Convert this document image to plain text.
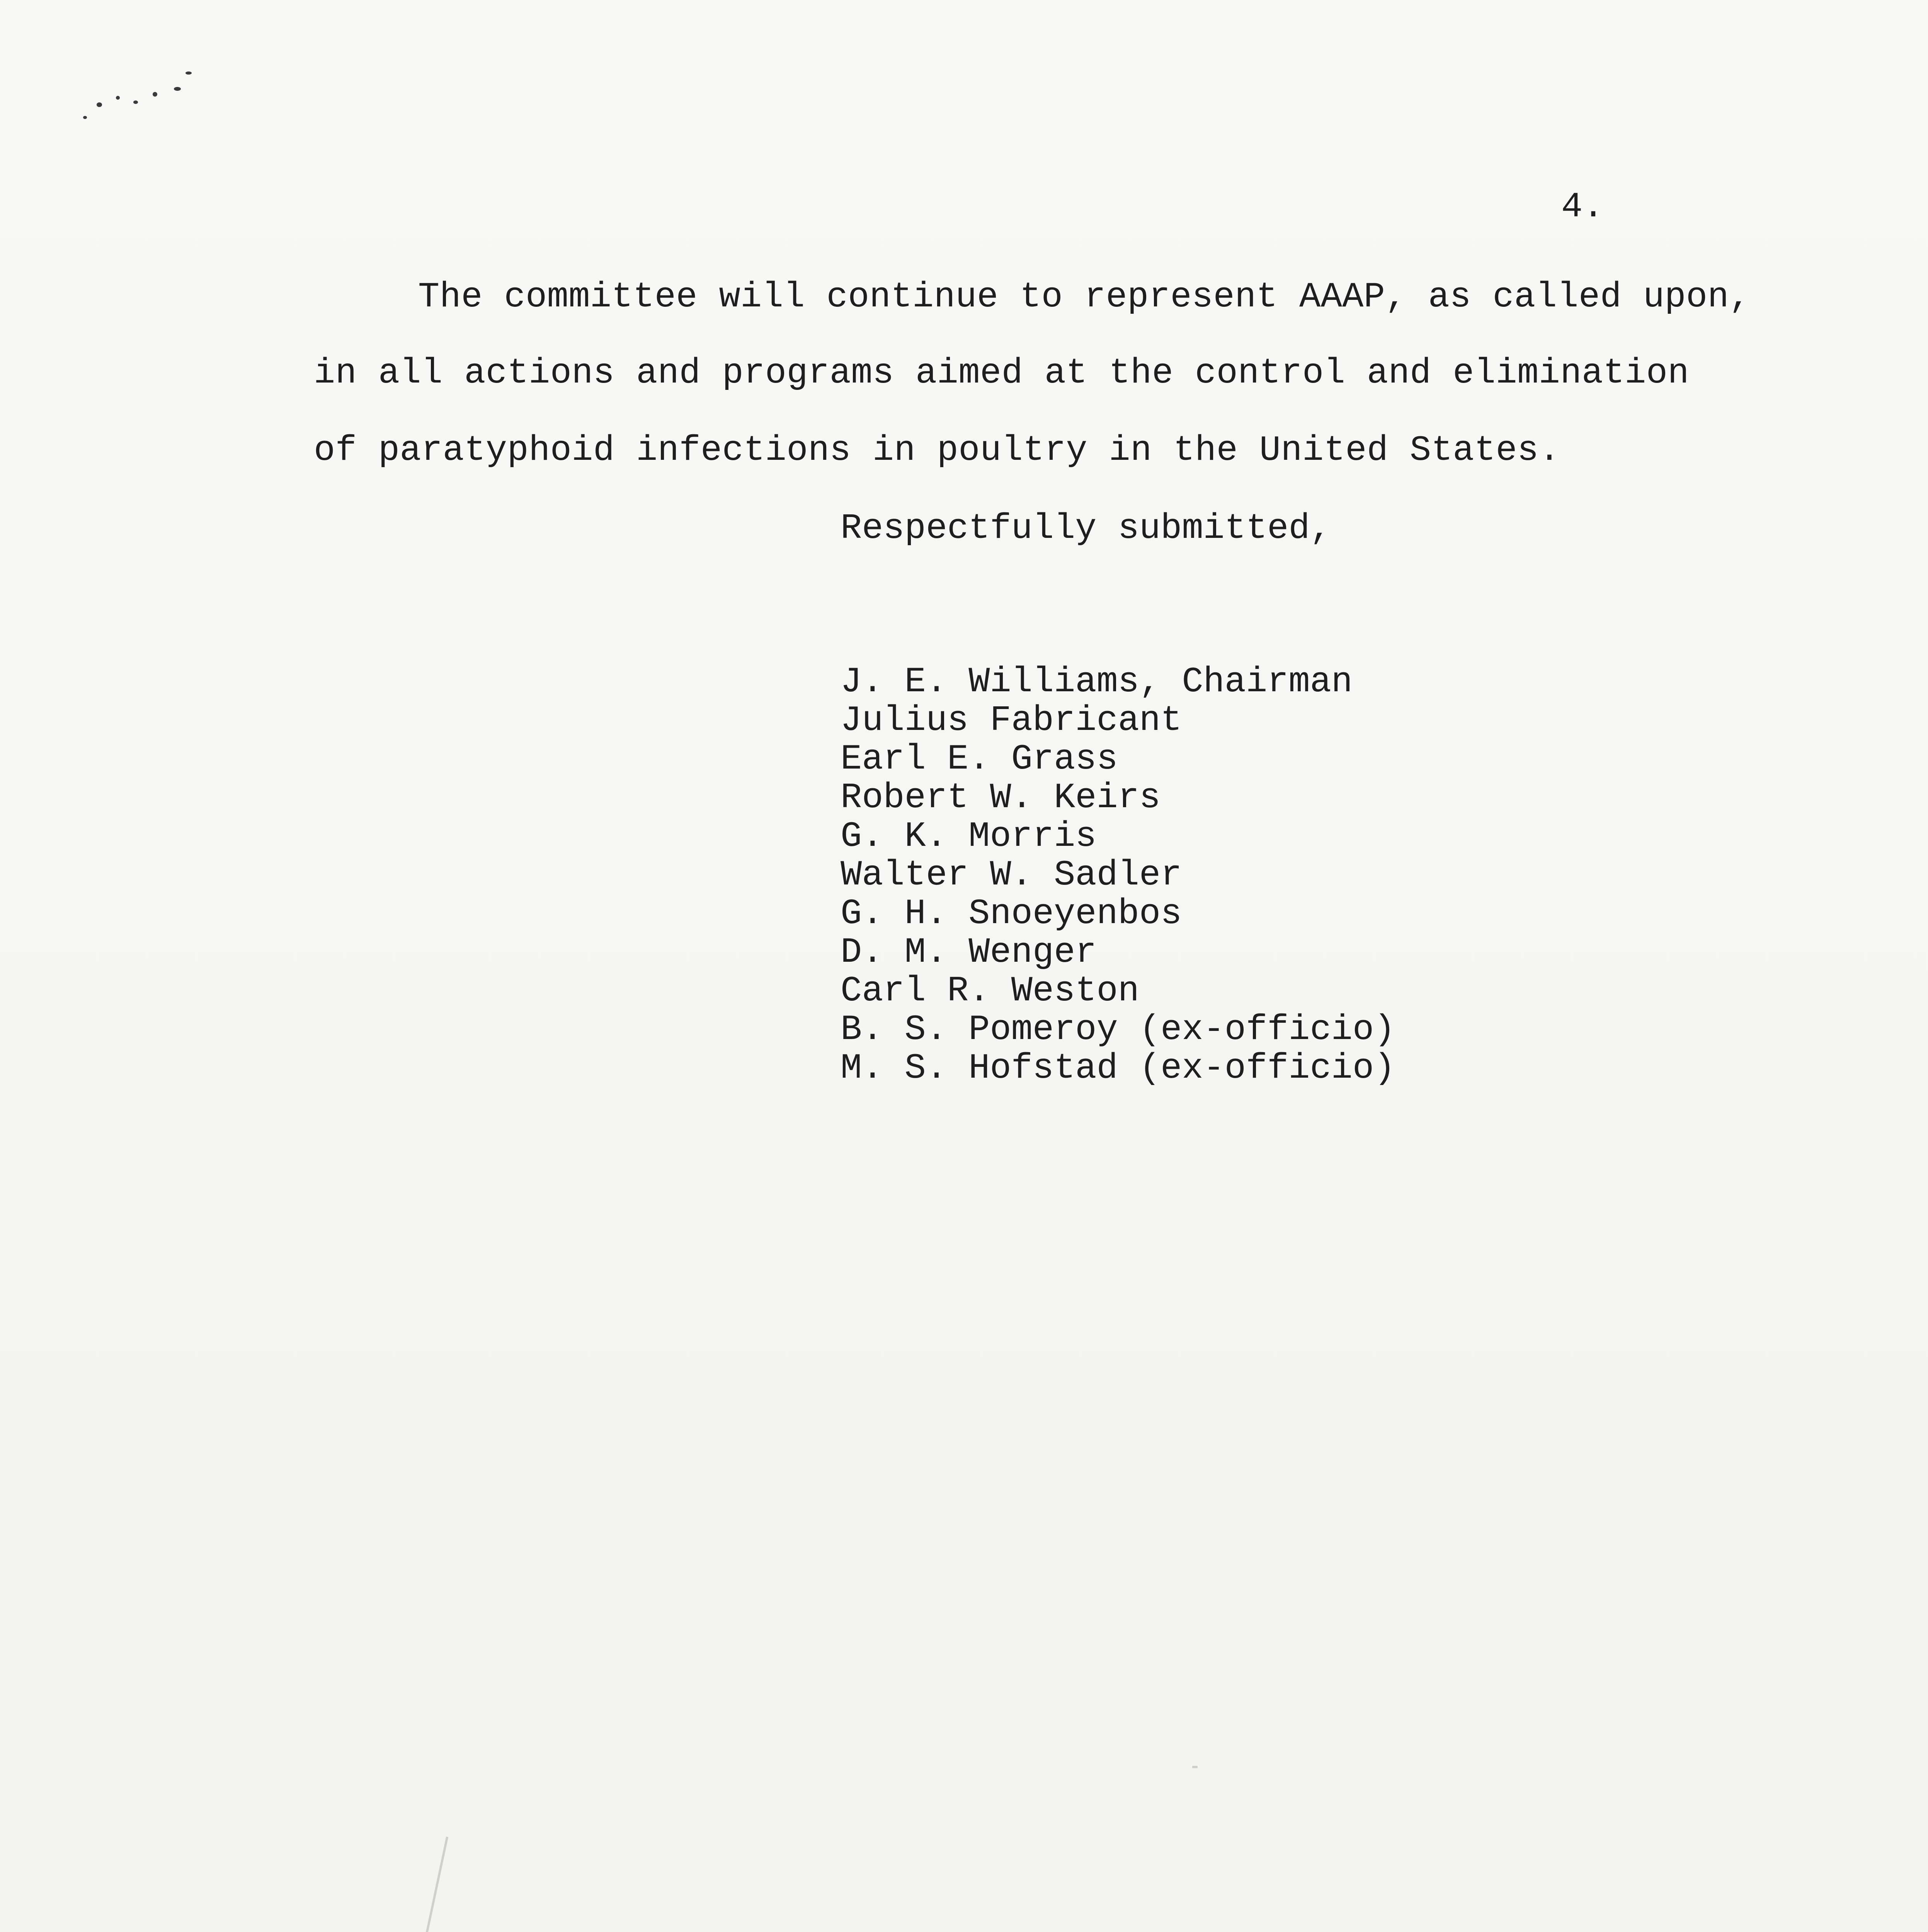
4.
The committee will continue to represent AAAP, as called upon,
in all actions and programs aimed at the control and elimination
of paratyphoid infections in poultry in the United States.
Respectfully submitted,
J. E. Williams, Chairman
Julius Fabricant
Earl E. Grass
Robert W. Keirs
G. K. Morris
Walter W. Sadler
G. H. Snoeyenbos
D. M. Wenger
Carl R. Weston
B. S. Pomeroy (ex-officio)
M. S. Hofstad (ex-officio)
